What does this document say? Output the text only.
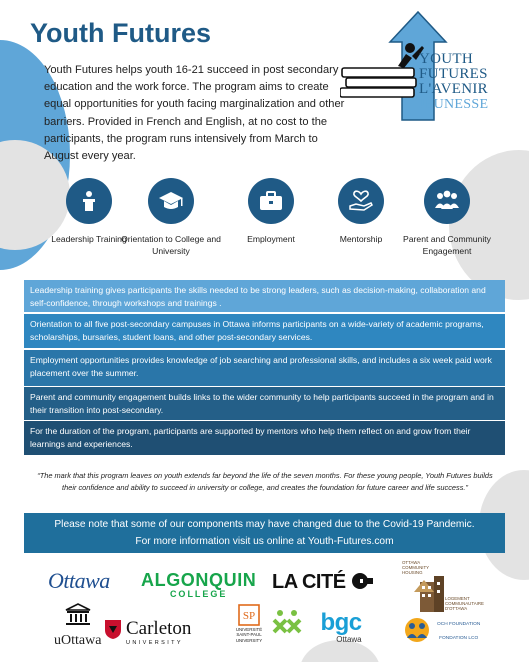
Youth Futures

Youth Futures helps youth 16-21 succeed in post secondary education and the work force. The program aims to create equal opportunities for youth facing marginalization and other barriers. Provided in French and English, at no cost to the participants, the program runs intensively from March to August every year.

YOUTH
FUTURES
L'AVENIR
JEUNESSE
Leadership Training
Orientation to College and University
Employment	Mentorship	Parent and Community Engagement
Leadership training gives participants the skills needed to be strong leaders, such as decision-making, collaboration and self-confidence, through workshops and trainings .
Orientation to all five post-secondary campuses in Ottawa informs participants on a wide-variety of academic programs, scholarships, bursaries, student loans, and other post-secondary services.
Employment opportunities provides knowledge of job searching and professional skills, and includes a six week paid work placement over the summer.
Parent and community engagement builds links to the wider community to help participants succeed in the program and in their transition into post-secondary.
For the duration of the program, participants are supported by mentors who help them reflect on and grow from their learnings and experiences.

“The mark that this program leaves on youth extends far beyond the life of the seven months. For these young people, Youth Futures builds their confidence and ability to succeed in university or college, and creates the foundation for future career and life success.”

Please note that some of our components may have changed due to the Covid-19 Pandemic.
For more information visit us online at Youth-Futures.com
Ottawa ALGONQUIN
COLLEGE
LA CITÉ
LOGEMENT COMMUNAUTAIRE D'OTTAWA
OTTAWA COMMUNITY HOUSING
uOttawa
Carleton
UNIVERSITY
SP
UNIVERSITÉ SAINT-PAUL UNIVERSITY
bgc
Ottawa
OCH FOUNDATION
FONDATION LCO
